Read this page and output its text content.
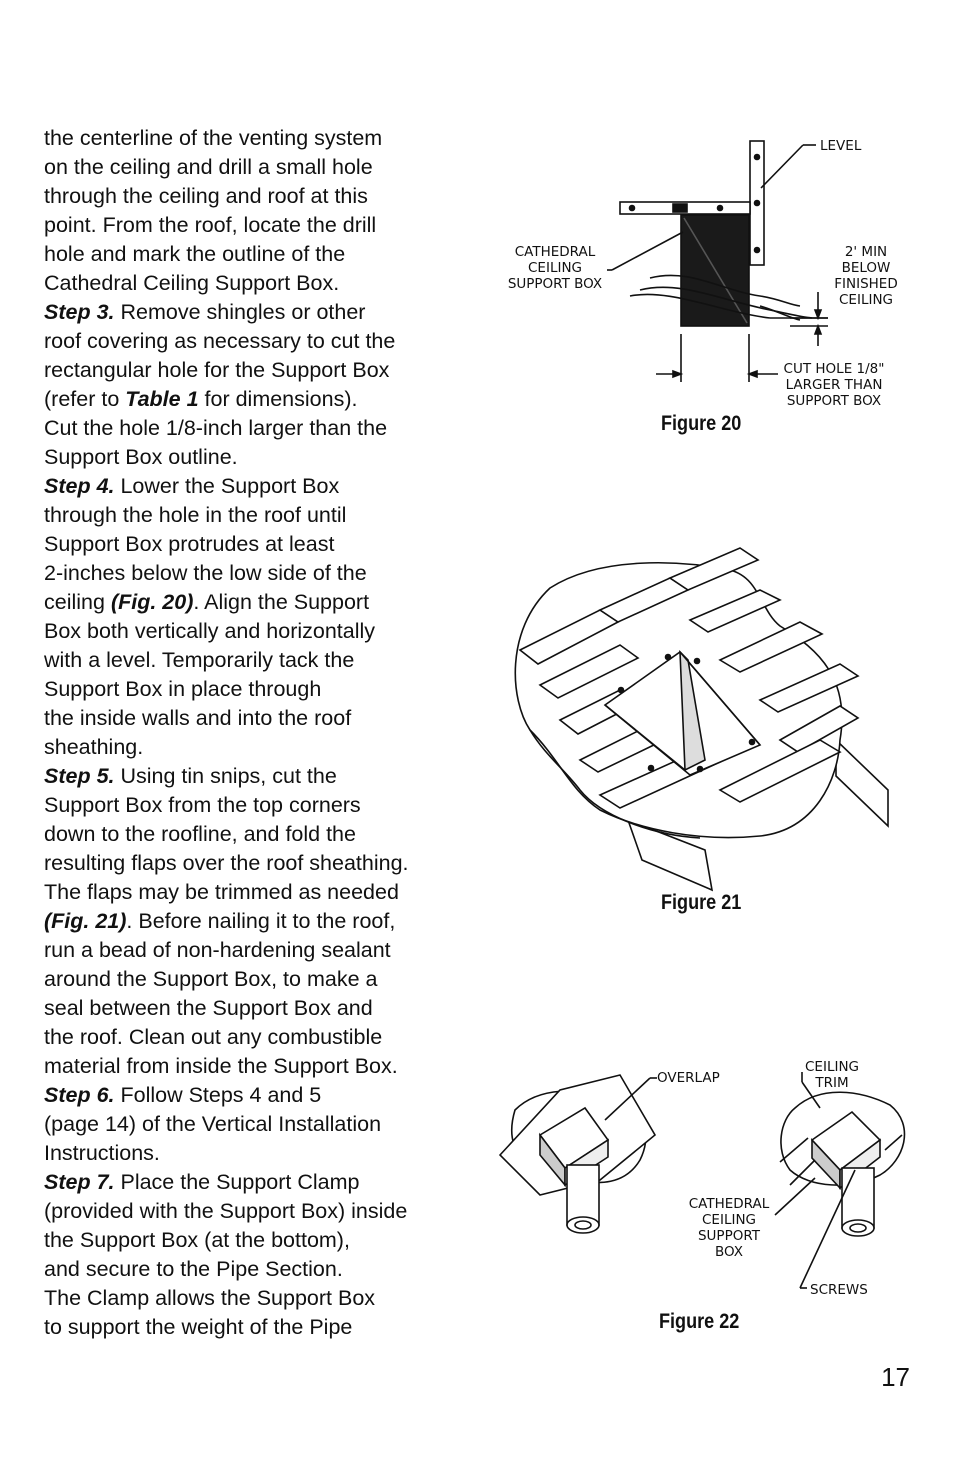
the centerline of the venting system
on the ceiling and drill a small hole
through the ceiling and roof at this
point. From the roof, locate the drill
hole and mark the outline of the
Cathedral Ceiling Support Box.
Step 3. Remove shingles or other
roof covering as necessary to cut the
rectangular hole for the Support Box
(refer to Table 1 for dimensions).
Cut the hole 1/8-inch larger than the
Support Box outline.
Step 4. Lower the Support Box
through the hole in the roof until
Support Box protrudes at least
2-inches below the low side of the
ceiling (Fig. 20). Align the Support
Box both vertically and horizontally
with a level. Temporarily tack the
Support Box in place through
the inside walls and into the roof
sheathing.
Step 5. Using tin snips, cut the
Support Box from the top corners
down to the roofline, and fold the
resulting flaps over the roof sheathing.
The flaps may be trimmed as needed
(Fig. 21). Before nailing it to the roof,
run a bead of non-hardening sealant
around the Support Box, to make a
seal between the Support Box and
the roof. Clean out any combustible
material from inside the Support Box.
Step 6. Follow Steps 4 and 5
(page 14) of the Vertical Installation
Instructions.
Step 7. Place the Support Clamp
(provided with the Support Box) inside
the Support Box (at the bottom),
and secure to the Pipe Section.
The Clamp allows the Support Box
to support the weight of the Pipe
LEVEL
CATHEDRAL
CEILING
SUPPORT BOX
2' MIN
BELOW
FINISHED
CEILING
CUT HOLE 1/8"
LARGER THAN
SUPPORT BOX
Figure 20
Figure 21
OVERLAP
CEILING
TRIM
CATHEDRAL
CEILING
SUPPORT
BOX
SCREWS
Figure 22
17
